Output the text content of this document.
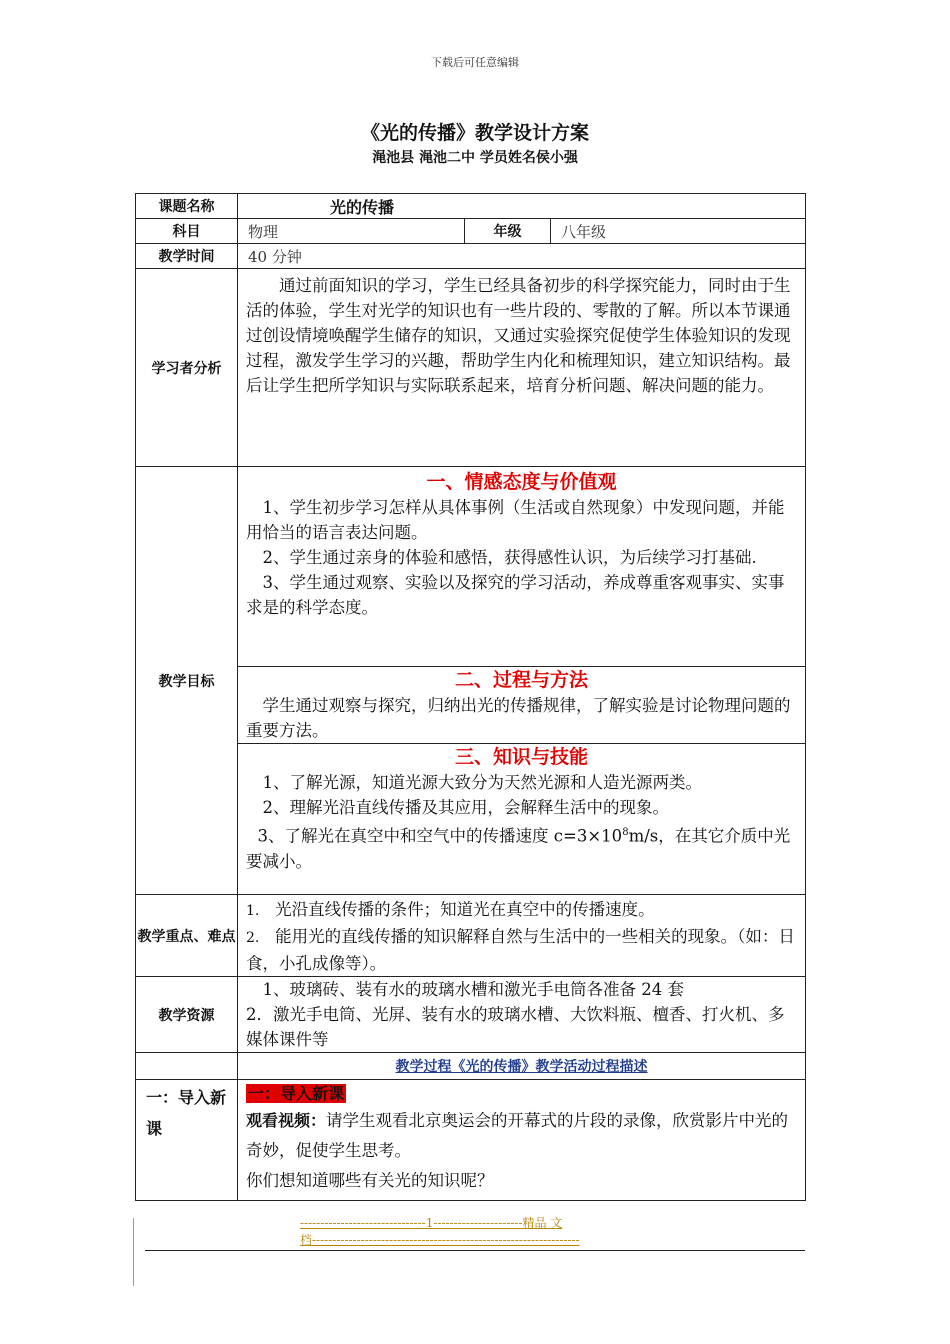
下载后可任意编辑
《光的传播》教学设计方案
渑池县 渑池二中 学员姓名侯小强
课题名称	光的传播		
科目	物理	年级	八年级
教学时间	40 分钟		
学习者分析	通过前面知识的学习，学生已经具备初步的科学探究能力，同时由于生活的体验，学生对光学的知识也有一些片段的、零散的了解。所以本节课通过创设情境唤醒学生储存的知识，又通过实验探究促使学生体验知识的发现过程，激发学生学习的兴趣，帮助学生内化和梳理知识，建立知识结构。最后让学生把所学知识与实际联系起来，培育分析问题、解决问题的能力。		

教学目标	一、情感态度与价值观
1、学生初步学习怎样从具体事例（生活或自然现象）中发现问题，并能用恰当的语言表达问题。
2、学生通过亲身的体验和感悟，获得感性认识，为后续学习打基础.
3、学生通过观察、实验以及探究的学习活动，养成尊重客观事实、实事求是的科学态度。		

	二、过程与方法
学生通过观察与探究，归纳出光的传播规律，了解实验是讨论物理问题的重要方法。		

	三、知识与技能
1、了解光源，知道光源大致分为天然光源和人造光源两类。
2、理解光沿直线传播及其应用，会解释生活中的现象。
3、了解光在真空中和空气中的传播速度 $c=3\times 10^8m/s$，在其它介质中光要减小。		

教学重点、难点	1. 光沿直线传播的条件；知道光在真空中的传播速度。
2. 能用光的直线传播的知识解释自然与生活中的一些相关的现象。（如：日食，小孔成像等）。		

教学资源	1、玻璃砖、装有水的玻璃水槽和激光手电筒各准备 24 套
2．激光手电筒、光屏、装有水的玻璃水槽、大饮料瓶、檀香、打火机、多媒体课件等		

	教学过程《光的传播》教学活动过程描述		

一：导入新课	一：导入新课
观看视频：请学生观看北京奥运会的开幕式的片段的录像，欣赏影片中光的奇妙，促使学生思考。
你们想知道哪些有关光的知识呢？		
-------------------------------1----------------------精品 文
档------------------------------------------------------------------
